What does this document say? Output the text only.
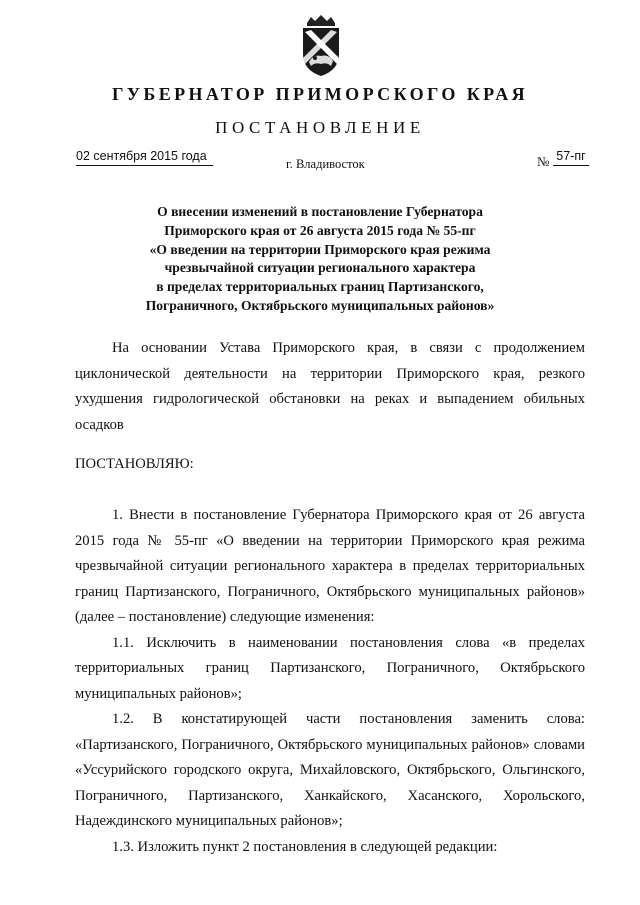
ГУБЕРНАТОР ПРИМОРСКОГО КРАЯ
ПОСТАНОВЛЕНИЕ
02 сентября 2015 года
г. Владивосток	№ 57-пг
О внесении изменений в постановление Губернатора
Приморского края от 26 августа 2015 года № 55-пг
«О введении на территории Приморского края режима
чрезвычайной ситуации регионального характера
в пределах территориальных границ Партизанского,
Пограничного, Октябрьского муниципальных районов»
На основании Устава Приморского края, в связи с продолжением циклонической деятельности на территории Приморского края, резкого ухудшения гидрологической обстановки на реках и выпадением обильных осадков
ПОСТАНОВЛЯЮ:
1. Внести в постановление Губернатора Приморского края от 26 августа 2015 года № 55-пг «О введении на территории Приморского края режима чрезвычайной ситуации регионального характера в пределах территориальных границ Партизанского, Пограничного, Октябрьского муниципальных районов» (далее – постановление) следующие изменения:
1.1. Исключить в наименовании постановления слова «в пределах территориальных границ Партизанского, Пограничного, Октябрьского муниципальных районов»;
1.2. В констатирующей части постановления заменить слова: «Партизанского, Пограничного, Октябрьского муниципальных районов» словами «Уссурийского городского округа, Михайловского, Октябрьского, Ольгинского, Пограничного, Партизанского, Ханкайского, Хасанского, Хорольского, Надеждинского муниципальных районов»;
1.3. Изложить пункт 2 постановления в следующей редакции:
